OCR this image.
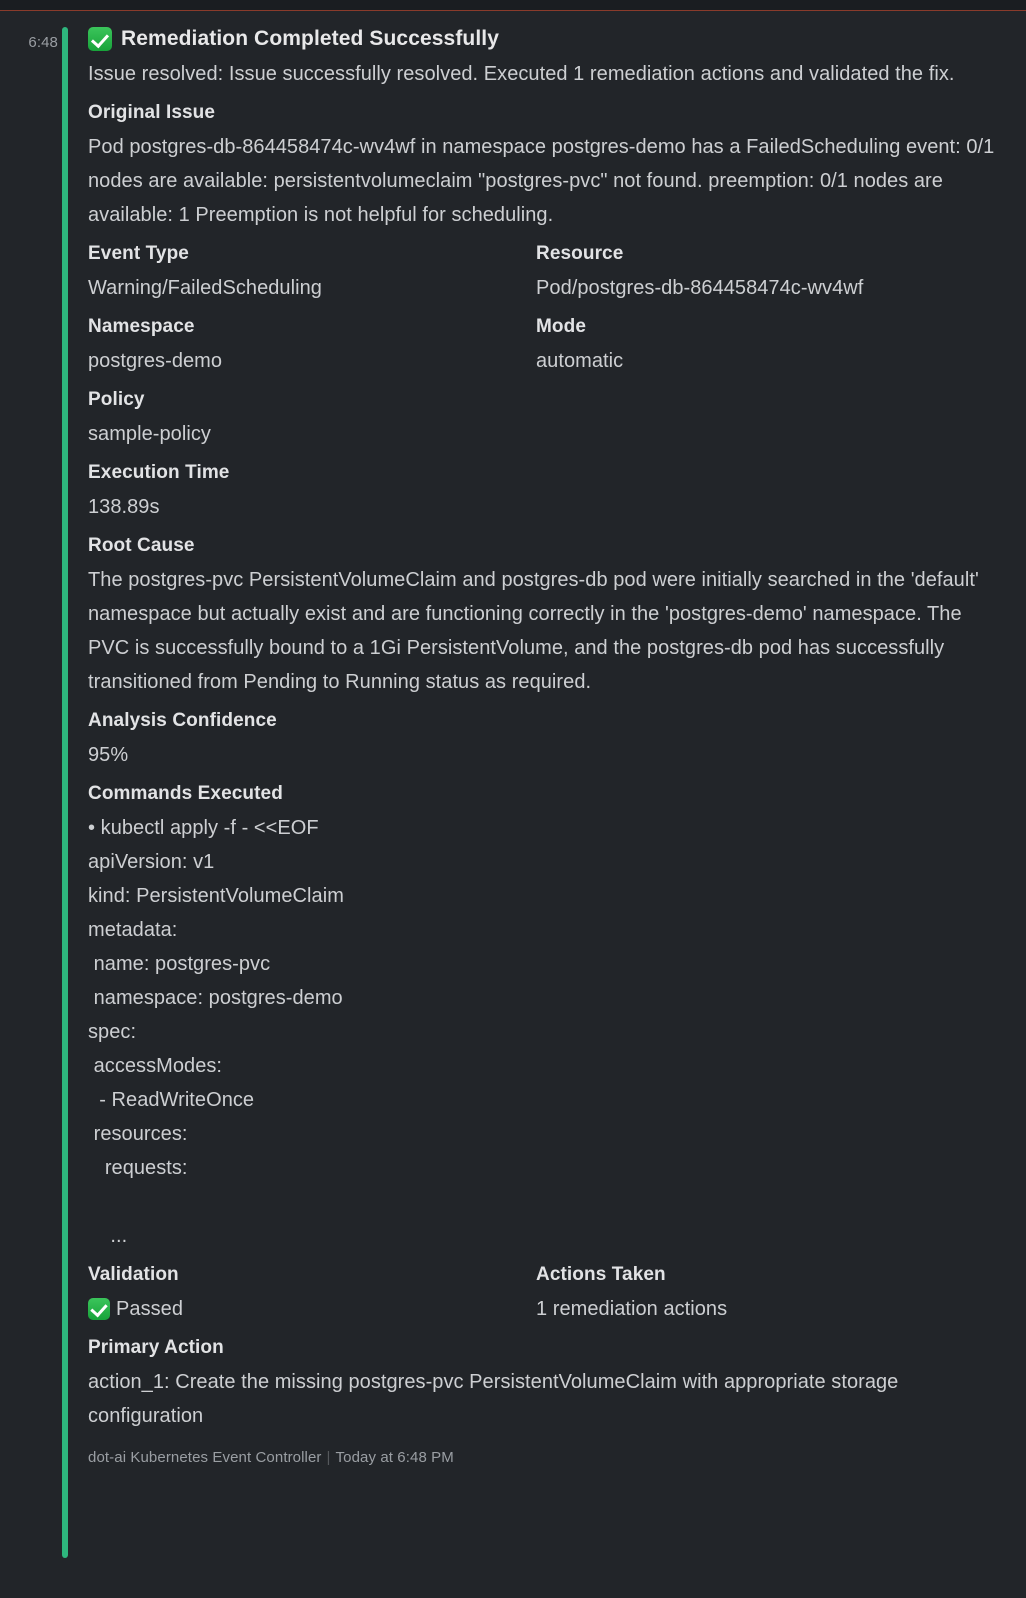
6:48	Remediation Completed Successfully
Issue resolved: Issue successfully resolved. Executed 1 remediation actions and validated the fix.
Original Issue
Pod postgres-db-864458474c-wv4wf in namespace postgres-demo has a FailedScheduling event: 0/1 nodes are available: persistentvolumeclaim "postgres-pvc" not found. preemption: 0/1 nodes are available: 1 Preemption is not helpful for scheduling.
Event Type
Warning/FailedScheduling
Resource
Pod/postgres-db-864458474c-wv4wf
Namespace
postgres-demo
Mode
automatic
Policy
sample-policy
Execution Time
138.89s
Root Cause
The postgres-pvc PersistentVolumeClaim and postgres-db pod were initially searched in the 'default' namespace but actually exist and are functioning correctly in the 'postgres-demo' namespace. The PVC is successfully bound to a 1Gi PersistentVolume, and the postgres-db pod has successfully transitioned from Pending to Running status as required.
Analysis Confidence
95%
Commands Executed
• kubectl apply -f - <<EOF
apiVersion: v1
kind: PersistentVolumeClaim
metadata:
name: postgres-pvc
namespace: postgres-demo
spec:
accessModes:
- ReadWriteOnce
resources:
requests:

...
Validation
Passed
Actions Taken
1 remediation actions
Primary Action
action_1: Create the missing postgres-pvc PersistentVolumeClaim with appropriate storage configuration
dot-ai Kubernetes Event Controller | Today at 6:48 PM
